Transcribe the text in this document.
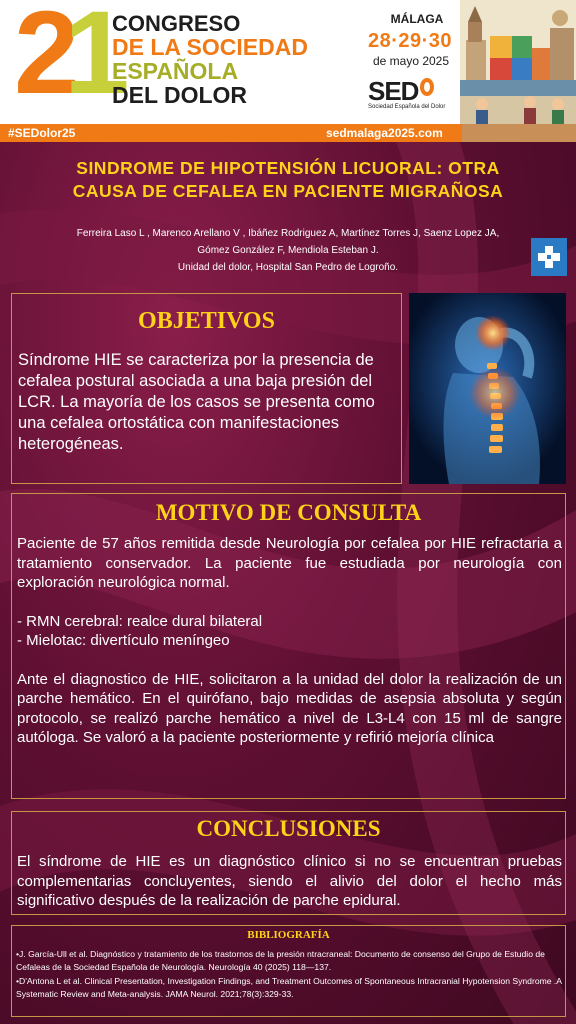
2
1
CONGRESO
DE LA SOCIEDAD
ESPAÑOLA
DEL DOLOR
MÁLAGA
28·29·30
de mayo 2025
SED
Sociedad Española del Dolor
#SEDolor25	sedmalaga2025.com
SINDROME DE HIPOTENSIÓN LICUORAL: OTRA
CAUSA DE CEFALEA EN PACIENTE MIGRAÑOSA
Ferreira Laso L , Marenco Arellano V , Ibáñez Rodriguez A, Martínez Torres J, Saenz Lopez JA,
Gómez González F, Mendiola Esteban J.
Unidad del dolor, Hospital San Pedro de Logroño.
OBJETIVOS
Síndrome HIE se caracteriza por la presencia de cefalea postural asociada a una baja presión del LCR. La mayoría de los casos se presenta como una cefalea ortostática con manifestaciones heterogéneas.
MOTIVO DE CONSULTA

Paciente de 57 años remitida desde Neurología por cefalea por HIE refractaria a tratamiento conservador. La paciente fue estudiada por neurología con exploración neurológica normal.

- RMN cerebral: realce dural bilateral
- Mielotac: divertículo meníngeo

Ante el diagnostico de HIE, solicitaron a la unidad del dolor la realización de un parche hemático. En el quirófano, bajo medidas de asepsia absoluta y según protocolo, se realizó parche hemático a nivel de L3-L4 con 15 ml de sangre autóloga. Se valoró a la paciente posteriormente y refirió mejoría clínica

CONCLUSIONES
El síndrome de HIE es un diagnóstico clínico si no se encuentran pruebas complementarias concluyentes, siendo el alivio del dolor el hecho más significativo después de la realización de parche epidural.
BIBLIOGRAFÍA
•J. García-Ull et al. Diagnóstico y tratamiento de los trastornos de la presión ntracraneal: Documento de consenso del Grupo de Estudio de Cefaleas de la Sociedad Española de Neurología. Neurología 40 (2025) 118—137.
•D'Antona L et al. Clinical Presentation, Investigation Findings, and Treatment Outcomes of Spontaneous Intracranial Hypotension Syndrome .A Systematic Review and Meta-analysis. JAMA Neurol. 2021;78(3):329-33.
